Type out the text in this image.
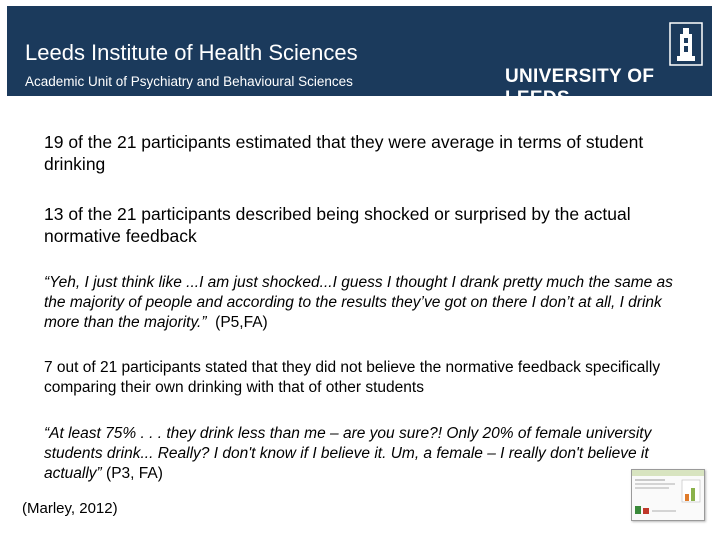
Leeds Institute of Health Sciences
Academic Unit of Psychiatry and Behavioural Sciences	UNIVERSITY OF LEEDS
19 of the 21 participants estimated that they were average in terms of student drinking
13 of the 21 participants described being shocked or surprised by the actual normative feedback
“Yeh, I just think like ...I am just shocked...I guess I thought I drank pretty much the same as the majority of people and according to the results they’ve got on there I don’t at all, I drink more than the majority.” (P5,FA)
7 out of 21 participants stated that they did not believe the normative feedback specifically comparing their own drinking with that of other students
“At least 75% . . . they drink less than me – are you sure?! Only 20% of female university students drink... Really? I don't know if I believe it. Um, a female – I really don't believe it actually” (P3, FA)
(Marley, 2012)
